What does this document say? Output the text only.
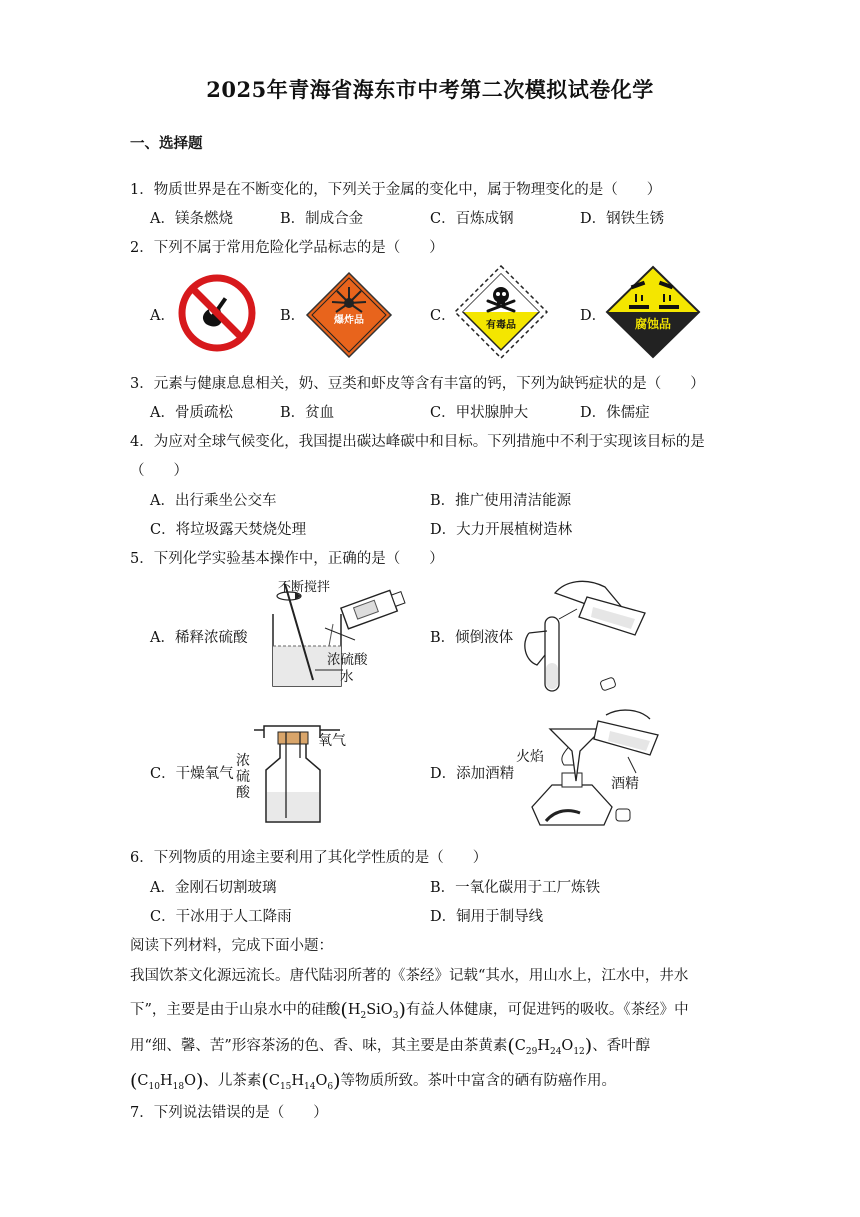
2025年青海省海东市中考第二次模拟试卷化学
一、选择题
1．物质世界是在不断变化的，下列关于金属的变化中，属于物理变化的是（　　）
A．镁条燃烧	B．制成合金	C．百炼成钢	D．钢铁生锈
2．下列不属于常用危险化学品标志的是（　　）
A．	B．	C．	D．
爆炸品	有毒品	腐蚀品
3．元素与健康息息相关，奶、豆类和虾皮等含有丰富的钙，下列为缺钙症状的是（　　）
A．骨质疏松	B．贫血	C．甲状腺肿大	D．侏儒症
4．为应对全球气候变化，我国提出碳达峰碳中和目标。下列措施中不利于实现该目标的是
（　　）
A．出行乘坐公交车	B．推广使用清洁能源
C．将垃圾露天焚烧处理	D．大力开展植树造林
5．下列化学实验基本操作中，正确的是（　　）
A．稀释浓硫酸	B．倾倒液体
C．干燥氧气	D．添加酒精
不断搅拌
浓硫酸
水
氧气
浓
硫
酸
火焰
酒精
6．下列物质的用途主要利用了其化学性质的是（　　）
A．金刚石切割玻璃	B．一氧化碳用于工厂炼铁
C．干冰用于人工降雨	D．铜用于制导线
阅读下列材料，完成下面小题：
我国饮茶文化源远流长。唐代陆羽所著的《茶经》记载“其水，用山水上，江水中，井水
下”，主要是由于山泉水中的硅酸$(H_2SiO_3)$有益人体健康，可促进钙的吸收。《茶经》中
用“细、馨、苦”形容茶汤的色、香、味，其主要是由茶黄素$(C_{29}H_{24}O_{12})$、香叶醇
$(C_{10}H_{18}O)$、儿茶素$(C_{15}H_{14}O_6)$等物质所致。茶叶中富含的硒有防癌作用。
7．下列说法错误的是（　　）
